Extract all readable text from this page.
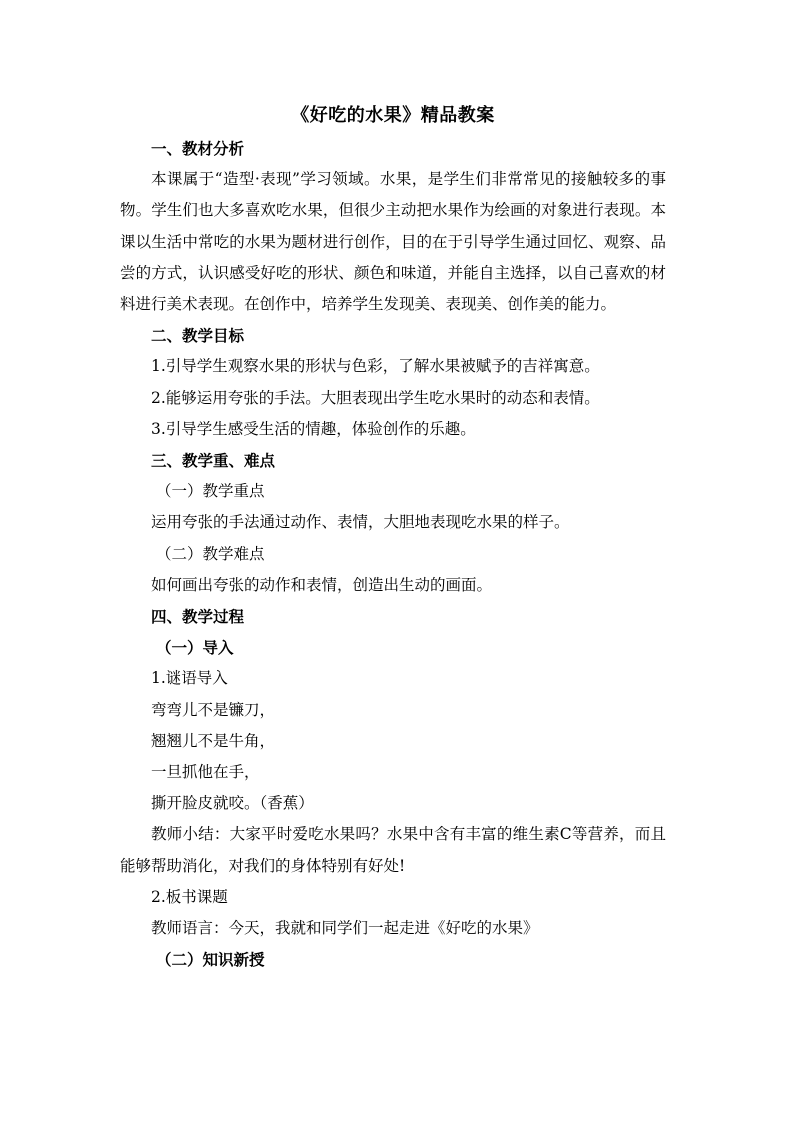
《好吃的水果》精品教案

一、教材分析

本课属于“造型·表现”学习领域。水果，是学生们非常常见的接触较多的事物。学生们也大多喜欢吃水果，但很少主动把水果作为绘画的对象进行表现。本课以生活中常吃的水果为题材进行创作，目的在于引导学生通过回忆、观察、品尝的方式，认识感受好吃的形状、颜色和味道，并能自主选择，以自己喜欢的材料进行美术表现。在创作中，培养学生发现美、表现美、创作美的能力。

二、教学目标

1.引导学生观察水果的形状与色彩，了解水果被赋予的吉祥寓意。

2.能够运用夸张的手法。大胆表现出学生吃水果时的动态和表情。

3.引导学生感受生活的情趣，体验创作的乐趣。

三、教学重、难点

（一）教学重点

运用夸张的手法通过动作、表情，大胆地表现吃水果的样子。

（二）教学难点

如何画出夸张的动作和表情，创造出生动的画面。

四、教学过程

（一）导入

1.谜语导入

弯弯儿不是镰刀，

翘翘儿不是牛角，

一旦抓他在手，

撕开脸皮就咬。（香蕉）

教师小结：大家平时爱吃水果吗？水果中含有丰富的维生素C等营养，而且能够帮助消化，对我们的身体特别有好处!

2.板书课题

教师语言：今天，我就和同学们一起走进《好吃的水果》

（二）知识新授
